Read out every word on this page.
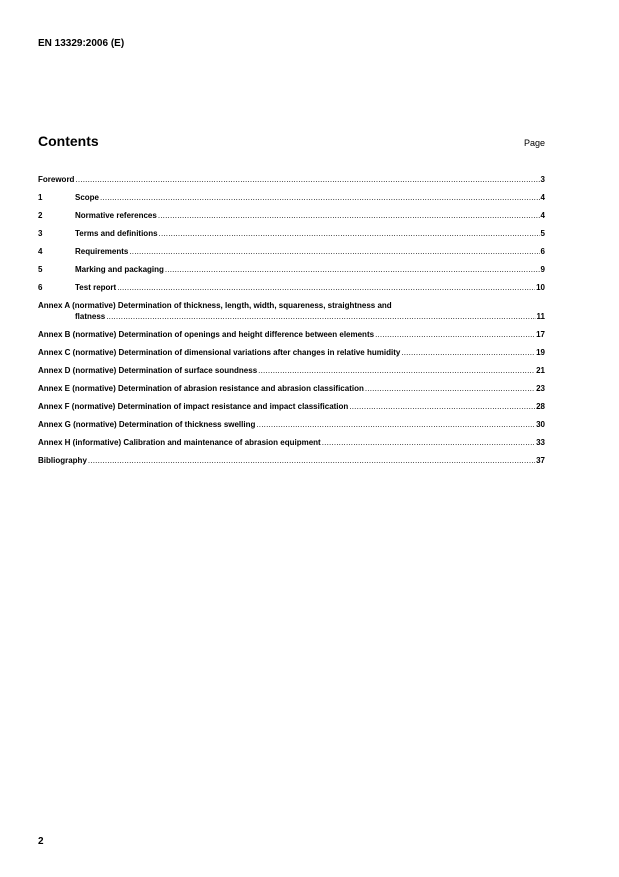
EN 13329:2006 (E)
Contents	Page
Foreword .....	3
1	Scope .....	4
2	Normative references .....	4
3	Terms and definitions .....	5
4	Requirements .....	6
5	Marking and packaging .....	9
6	Test report .....	10
Annex A (normative) Determination of thickness, length, width, squareness, straightness and
flatness .....	11
Annex B (normative) Determination of openings and height difference between elements .....	17
Annex C (normative) Determination of dimensional variations after changes in relative humidity .....	19
Annex D (normative) Determination of surface soundness .....	21
Annex E (normative) Determination of abrasion resistance and abrasion classification .....	23
Annex F (normative) Determination of impact resistance and impact classification .....	28
Annex G (normative) Determination of thickness swelling .....	30
Annex H (informative) Calibration and maintenance of abrasion equipment .....	33
Bibliography .....	37
2
